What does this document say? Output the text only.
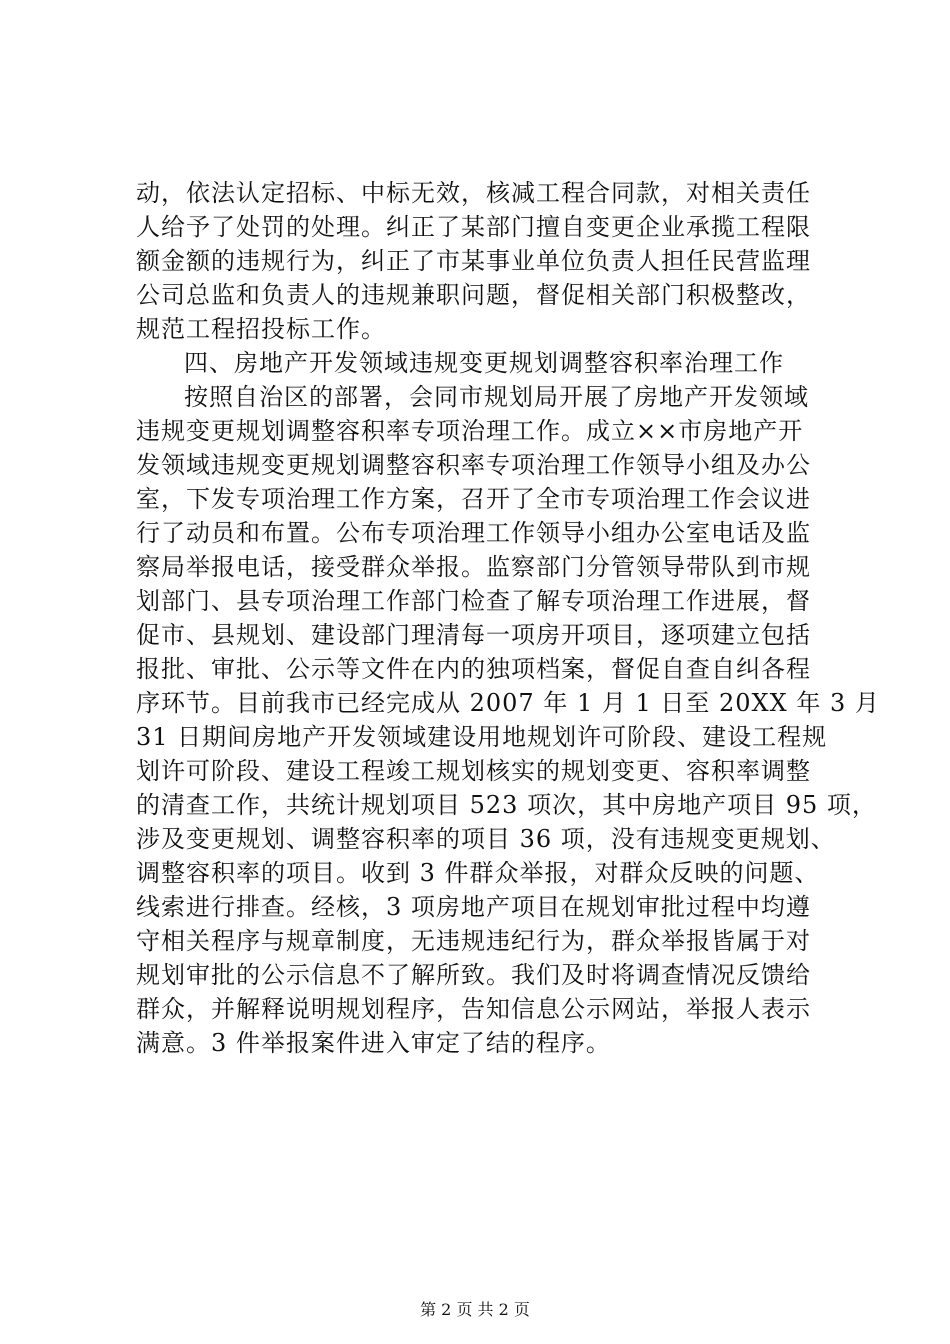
动，依法认定招标、中标无效，核减工程合同款，对相关责任
人给予了处罚的处理。纠正了某部门擅自变更企业承揽工程限
额金额的违规行为，纠正了市某事业单位负责人担任民营监理
公司总监和负责人的违规兼职问题，督促相关部门积极整改，
规范工程招投标工作。
四、房地产开发领域违规变更规划调整容积率治理工作
按照自治区的部署，会同市规划局开展了房地产开发领域
违规变更规划调整容积率专项治理工作。成立××市房地产开
发领域违规变更规划调整容积率专项治理工作领导小组及办公
室，下发专项治理工作方案，召开了全市专项治理工作会议进
行了动员和布置。公布专项治理工作领导小组办公室电话及监
察局举报电话，接受群众举报。监察部门分管领导带队到市规
划部门、县专项治理工作部门检查了解专项治理工作进展，督
促市、县规划、建设部门理清每一项房开项目，逐项建立包括
报批、审批、公示等文件在内的独项档案，督促自查自纠各程
序环节。目前我市已经完成从 2007 年 1 月 1 日至 20XX 年 3 月
31 日期间房地产开发领域建设用地规划许可阶段、建设工程规
划许可阶段、建设工程竣工规划核实的规划变更、容积率调整
的清查工作，共统计规划项目 523 项次，其中房地产项目 95 项，
涉及变更规划、调整容积率的项目 36 项，没有违规变更规划、
调整容积率的项目。收到 3 件群众举报，对群众反映的问题、
线索进行排查。经核，3 项房地产项目在规划审批过程中均遵
守相关程序与规章制度，无违规违纪行为，群众举报皆属于对
规划审批的公示信息不了解所致。我们及时将调查情况反馈给
群众，并解释说明规划程序，告知信息公示网站，举报人表示
满意。3 件举报案件进入审定了结的程序。
第 2 页 共 2 页
